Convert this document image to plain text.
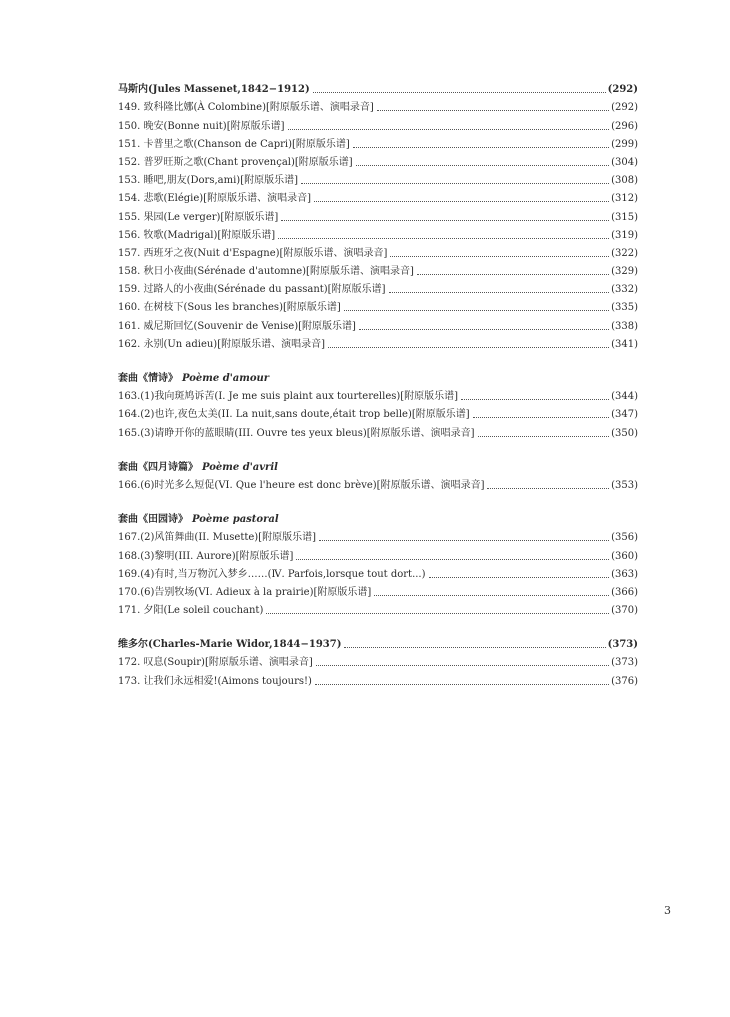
马斯内(Jules Massenet,1842−1912)	(292)
149. 致科隆比娜(À Colombine)[附原版乐谱、演唱录音]	(292)
150. 晚安(Bonne nuit)[附原版乐谱]	(296)
151. 卡普里之歌(Chanson de Capri)[附原版乐谱]	(299)
152. 普罗旺斯之歌(Chant provençal)[附原版乐谱]	(304)
153. 睡吧,朋友(Dors,ami)[附原版乐谱]	(308)
154. 悲歌(Elégie)[附原版乐谱、演唱录音]	(312)
155. 果园(Le verger)[附原版乐谱]	(315)
156. 牧歌(Madrigal)[附原版乐谱]	(319)
157. 西班牙之夜(Nuit d'Espagne)[附原版乐谱、演唱录音]	(322)
158. 秋日小夜曲(Sérénade d'automne)[附原版乐谱、演唱录音]	(329)
159. 过路人的小夜曲(Sérénade du passant)[附原版乐谱]	(332)
160. 在树枝下(Sous les branches)[附原版乐谱]	(335)
161. 威尼斯回忆(Souvenir de Venise)[附原版乐谱]	(338)
162. 永别(Un adieu)[附原版乐谱、演唱录音]	(341)
套曲《情诗》 Poème d'amour
163.(1)我向斑鸠诉苦(I. Je me suis plaint aux tourterelles)[附原版乐谱]	(344)
164.(2)也许,夜色太美(II. La nuit,sans doute,était trop belle)[附原版乐谱]	(347)
165.(3)请睁开你的蓝眼睛(III. Ouvre tes yeux bleus)[附原版乐谱、演唱录音]	(350)
套曲《四月诗篇》 Poème d'avril
166.(6)时光多么短促(VI. Que l'heure est donc brève)[附原版乐谱、演唱录音]	(353)
套曲《田园诗》 Poème pastoral
167.(2)风笛舞曲(II. Musette)[附原版乐谱]	(356)
168.(3)黎明(III. Aurore)[附原版乐谱]	(360)
169.(4)有时,当万物沉入梦乡……(Ⅳ. Parfois,lorsque tout dort...)	(363)
170.(6)告别牧场(VI. Adieux à la prairie)[附原版乐谱]	(366)
171. 夕阳(Le soleil couchant)	(370)
维多尔(Charles-Marie Widor,1844−1937)	(373)
172. 叹息(Soupir)[附原版乐谱、演唱录音]	(373)
173. 让我们永远相爱!(Aimons toujours!)	(376)
3
